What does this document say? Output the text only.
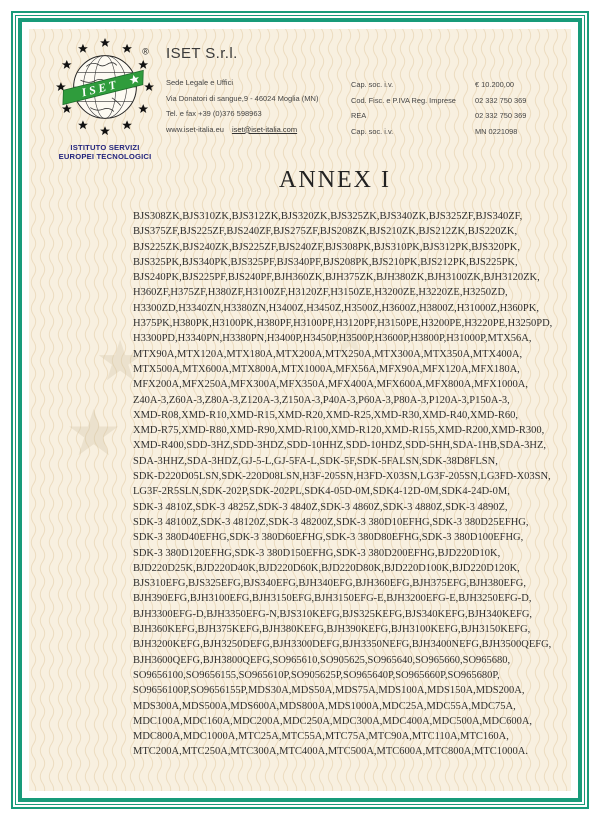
★
★
★
ISET
®
ISTITUTO SERVIZI
EUROPEI TECNOLOGICI
ISET S.r.l.
Sede Legale e Uffici
Via Donatori di sangue,9 - 46024 Moglia (MN)
Tel. e fax +39 (0)376 598963
www.iset-italia.eu iset@iset-italia.com
Cap. soc. i.v.	€ 10.200,00
Cod. Fisc. e P.IVA Reg. Imprese	02 332 750 369
REA	02 332 750 369
Cap. soc. i.v.	MN 0221098
ANNEX I
BJS308ZK,BJS310ZK,BJS312ZK,BJS320ZK,BJS325ZK,BJS340ZK,BJS325ZF,BJS340ZF,
BJS375ZF,BJS225ZF,BJS240ZF,BJS275ZF,BJS208ZK,BJS210ZK,BJS212ZK,BJS220ZK,
BJS225ZK,BJS240ZK,BJS225ZF,BJS240ZF,BJS308PK,BJS310PK,BJS312PK,BJS320PK,
BJS325PK,BJS340PK,BJS325PF,BJS340PF,BJS208PK,BJS210PK,BJS212PK,BJS225PK,
BJS240PK,BJS225PF,BJS240PF,BJH360ZK,BJH375ZK,BJH380ZK,BJH3100ZK,BJH3120ZK,
H360ZF,H375ZF,H380ZF,H3100ZF,H3120ZF,H3150ZE,H3200ZE,H3220ZE,H3250ZD,
H3300ZD,H3340ZN,H3380ZN,H3400Z,H3450Z,H3500Z,H3600Z,H3800Z,H31000Z,H360PK,
H375PK,H380PK,H3100PK,H380PF,H3100PF,H3120PF,H3150PE,H3200PE,H3220PE,H3250PD,
H3300PD,H3340PN,H3380PN,H3400P,H3450P,H3500P,H3600P,H3800P,H31000P,MTX56A,
MTX90A,MTX120A,MTX180A,MTX200A,MTX250A,MTX300A,MTX350A,MTX400A,
MTX500A,MTX600A,MTX800A,MTX1000A,MFX56A,MFX90A,MFX120A,MFX180A,
MFX200A,MFX250A,MFX300A,MFX350A,MFX400A,MFX600A,MFX800A,MFX1000A,
Z40A-3,Z60A-3,Z80A-3,Z120A-3,Z150A-3,P40A-3,P60A-3,P80A-3,P120A-3,P150A-3,
XMD-R08,XMD-R10,XMD-R15,XMD-R20,XMD-R25,XMD-R30,XMD-R40,XMD-R60,
XMD-R75,XMD-R80,XMD-R90,XMD-R100,XMD-R120,XMD-R155,XMD-R200,XMD-R300,
XMD-R400,SDD-3HZ,SDD-3HDZ,SDD-10HHZ,SDD-10HDZ,SDD-5HH,SDA-1HB,SDA-3HZ,
SDA-3HHZ,SDA-3HDZ,GJ-5-L,GJ-5FA-L,SDK-5F,SDK-5FALSN,SDK-38D8FLSN,
SDK-D220D05LSN,SDK-220D08LSN,H3F-205SN,H3FD-X03SN,LG3F-205SN,LG3FD-X03SN,
LG3F-2R5SLN,SDK-202P,SDK-202PL,SDK4-05D-0M,SDK4-12D-0M,SDK4-24D-0M,
SDK-3 4810Z,SDK-3 4825Z,SDK-3 4840Z,SDK-3 4860Z,SDK-3 4880Z,SDK-3 4890Z,
SDK-3 48100Z,SDK-3 48120Z,SDK-3 48200Z,SDK-3 380D10EFHG,SDK-3 380D25EFHG,
SDK-3 380D40EFHG,SDK-3 380D60EFHG,SDK-3 380D80EFHG,SDK-3 380D100EFHG,
SDK-3 380D120EFHG,SDK-3 380D150EFHG,SDK-3 380D200EFHG,BJD220D10K,
BJD220D25K,BJD220D40K,BJD220D60K,BJD220D80K,BJD220D100K,BJD220D120K,
BJS310EFG,BJS325EFG,BJS340EFG,BJH340EFG,BJH360EFG,BJH375EFG,BJH380EFG,
BJH390EFG,BJH3100EFG,BJH3150EFG,BJH3150EFG-E,BJH3200EFG-E,BJH3250EFG-D,
BJH3300EFG-D,BJH3350EFG-N,BJS310KEFG,BJS325KEFG,BJS340KEFG,BJH340KEFG,
BJH360KEFG,BJH375KEFG,BJH380KEFG,BJH390KEFG,BJH3100KEFG,BJH3150KEFG,
BJH3200KEFG,BJH3250DEFG,BJH3300DEFG,BJH3350NEFG,BJH3400NEFG,BJH3500QEFG,
BJH3600QEFG,BJH3800QEFG,SO965610,SO905625,SO965640,SO965660,SO965680,
SO9656100,SO9656155,SO965610P,SO905625P,SO965640P,SO965660P,SO965680P,
SO9656100P,SO9656155P,MDS30A,MDS50A,MDS75A,MDS100A,MDS150A,MDS200A,
MDS300A,MDS500A,MDS600A,MDS800A,MDS1000A,MDC25A,MDC55A,MDC75A,
MDC100A,MDC160A,MDC200A,MDC250A,MDC300A,MDC400A,MDC500A,MDC600A,
MDC800A,MDC1000A,MTC25A,MTC55A,MTC75A,MTC90A,MTC110A,MTC160A,
MTC200A,MTC250A,MTC300A,MTC400A,MTC500A,MTC600A,MTC800A,MTC1000A.
